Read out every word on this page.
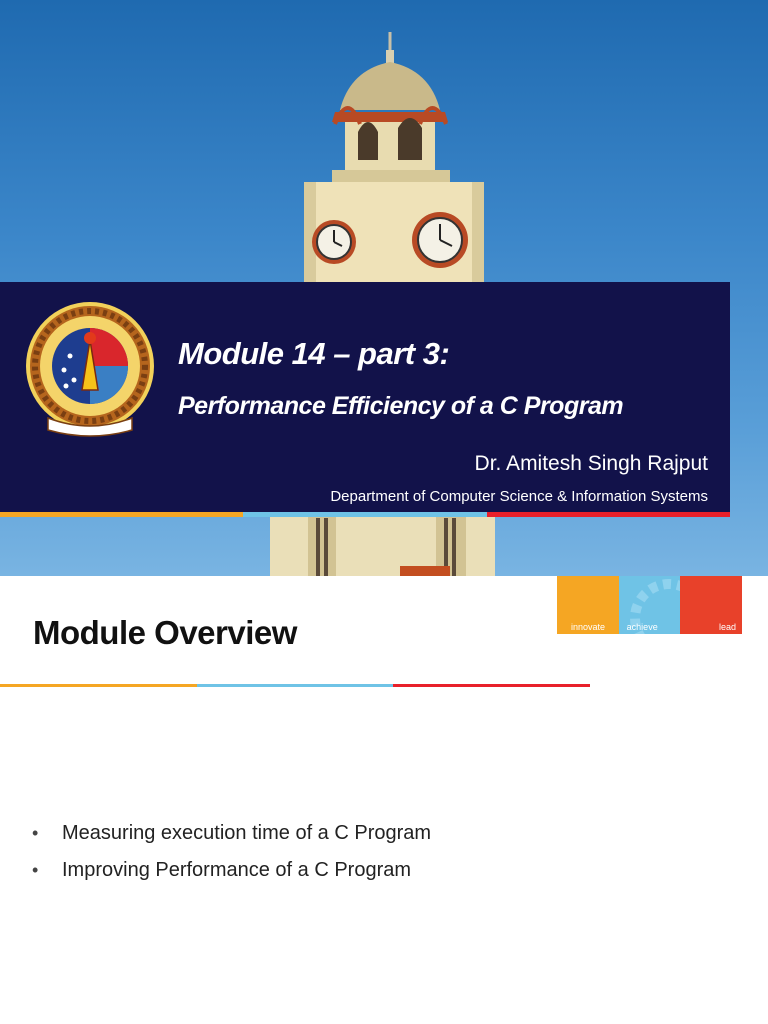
Module 14 – part 3:
Performance Efficiency of a C Program
Dr. Amitesh Singh Rajput
Department of Computer Science & Information Systems
innovate achieve	lead
Module Overview
• Measuring execution time of a C Program
• Improving Performance of a C Program
